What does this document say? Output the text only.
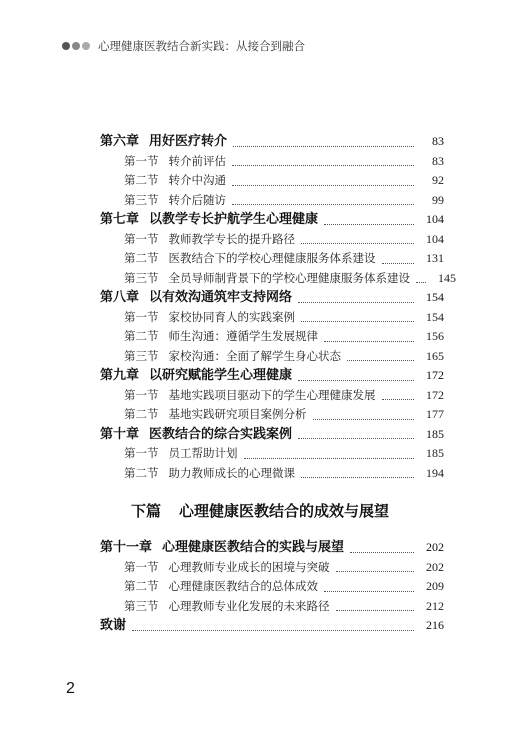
心理健康医教结合新实践：从接合到融合
第六章 用好医疗转介	83
第一节 转介前评估	83
第二节 转介中沟通	92
第三节 转介后随访	99
第七章 以教学专长护航学生心理健康	104
第一节 教师教学专长的提升路径	104
第二节 医教结合下的学校心理健康服务体系建设	131
第三节 全员导师制背景下的学校心理健康服务体系建设	145
第八章 以有效沟通筑牢支持网络	154
第一节 家校协同育人的实践案例	154
第二节 师生沟通：遵循学生发展规律	156
第三节 家校沟通：全面了解学生身心状态	165
第九章 以研究赋能学生心理健康	172
第一节 基地实践项目驱动下的学生心理健康发展	172
第二节 基地实践研究项目案例分析	177
第十章 医教结合的综合实践案例	185
第一节 员工帮助计划	185
第二节 助力教师成长的心理微课	194
下篇 心理健康医教结合的成效与展望
第十一章 心理健康医教结合的实践与展望	202
第一节 心理教师专业成长的困境与突破	202
第二节 心理健康医教结合的总体成效	209
第三节 心理教师专业化发展的未来路径	212
致谢	216
2
